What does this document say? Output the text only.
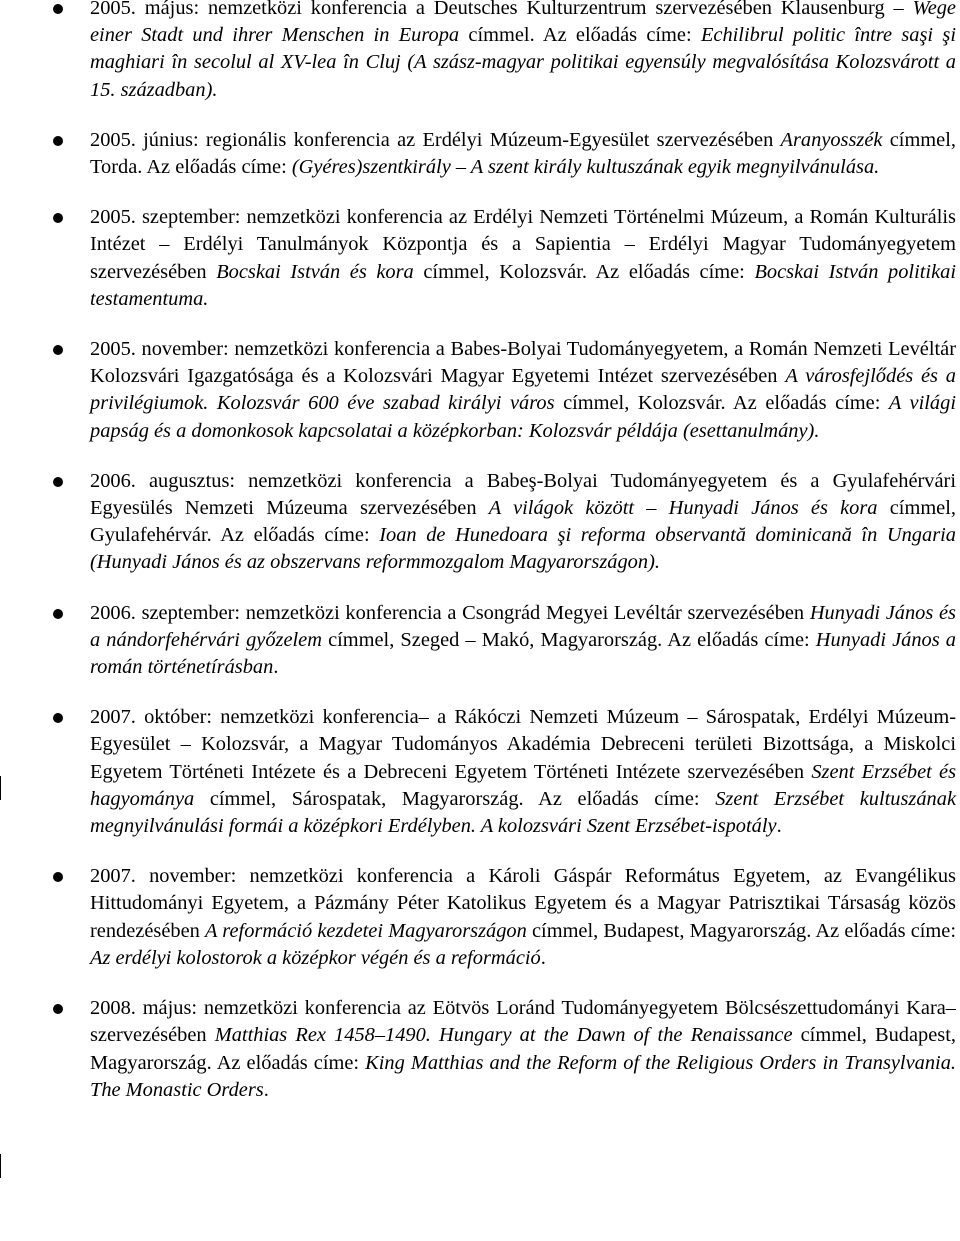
2005. május: nemzetközi konferencia a Deutsches Kulturzentrum szervezésében Klausenburg – Wege einer Stadt und ihrer Menschen in Europa címmel. Az előadás címe: Echilibrul politic între saşi şi maghiari în secolul al XV-lea în Cluj (A szász-magyar politikai egyensúly megvalósítása Kolozsvárott a 15. században).
2005. június: regionális konferencia az Erdélyi Múzeum-Egyesület szervezésében Aranyosszék címmel, Torda. Az előadás címe: (Gyéres)szentkirály – A szent király kultuszának egyik megnyilvánulása.
2005. szeptember: nemzetközi konferencia az Erdélyi Nemzeti Történelmi Múzeum, a Román Kulturális Intézet – Erdélyi Tanulmányok Központja és a Sapientia – Erdélyi Magyar Tudományegyetem szervezésében Bocskai István és kora címmel, Kolozsvár. Az előadás címe: Bocskai István politikai testamentuma.
2005. november: nemzetközi konferencia a Babes-Bolyai Tudományegyetem, a Román Nemzeti Levéltár Kolozsvári Igazgatósága és a Kolozsvári Magyar Egyetemi Intézet szervezésében A városfejlődés és a privilégiumok. Kolozsvár 600 éve szabad királyi város címmel, Kolozsvár. Az előadás címe: A világi papság és a domonkosok kapcsolatai a középkorban: Kolozsvár példája (esettanulmány).
2006. augusztus: nemzetközi konferencia a Babeş-Bolyai Tudományegyetem és a Gyulafehérvári Egyesülés Nemzeti Múzeuma szervezésében A világok között – Hunyadi János és kora címmel, Gyulafehérvár. Az előadás címe: Ioan de Hunedoara şi reforma observantă dominicană în Ungaria (Hunyadi János és az obszervans reformmozgalom Magyarországon).
2006. szeptember: nemzetközi konferencia a Csongrád Megyei Levéltár szervezésében Hunyadi János és a nándorfehérvári győzelem címmel, Szeged – Makó, Magyarország. Az előadás címe: Hunyadi János a román történetírásban.
2007. október: nemzetközi konferencia– a Rákóczi Nemzeti Múzeum – Sárospatak, Erdélyi Múzeum-Egyesület – Kolozsvár, a Magyar Tudományos Akadémia Debreceni területi Bizottsága, a Miskolci Egyetem Történeti Intézete és a Debreceni Egyetem Történeti Intézete szervezésében Szent Erzsébet és hagyománya címmel, Sárospatak, Magyarország. Az előadás címe: Szent Erzsébet kultuszának megnyilvánulási formái a középkori Erdélyben. A kolozsvári Szent Erzsébet-ispotály.
2007. november: nemzetközi konferencia a Károli Gáspár Református Egyetem, az Evangélikus Hittudományi Egyetem, a Pázmány Péter Katolikus Egyetem és a Magyar Patrisztikai Társaság közös rendezésében A reformáció kezdetei Magyarországon címmel, Budapest, Magyarország. Az előadás címe: Az erdélyi kolostorok a középkor végén és a reformáció.
2008. május: nemzetközi konferencia az Eötvös Loránd Tudományegyetem Bölcsészettudományi Kara– szervezésében Matthias Rex 1458–1490. Hungary at the Dawn of the Renaissance címmel, Budapest, Magyarország. Az előadás címe: King Matthias and the Reform of the Religious Orders in Transylvania. The Monastic Orders.
